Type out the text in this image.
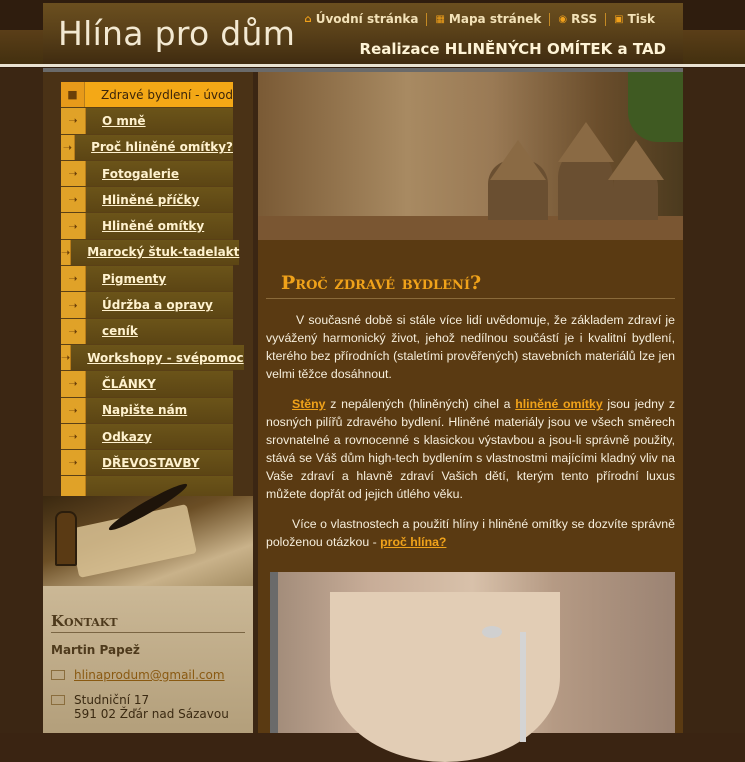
Hlína pro dům ⌂ Úvodní stránka ▦ Mapa stránek ◉ RSS ▣ Tisk
Realizace HLINĚNÝCH OMÍTEK a TAD
■	Zdravé bydlení - úvod
➝	O mně
➝	Proč hliněné omítky?
➝	Fotogalerie
➝	Hliněné příčky
➝	Hliněné omítky
➝	Marocký štuk-tadelakt
➝	Pigmenty
➝	Údržba a opravy
➝	ceník
➝	Workshopy - svépomoc
➝	ČLÁNKY
➝	Napište nám
➝	Odkazy
➝	DŘEVOSTAVBY
Kontakt
Martin Papež
hlinaprodum@gmail.com
Studniční 17
591 02 Žďár nad Sázavou
Proč zdravé bydlení?

V současné době si stále více lidí uvědomuje, že základem zdraví je vyvážený harmonický život, jehož nedílnou součástí je i kvalitní bydlení, kterého bez přírodních (staletími prověřených) stavebních materiálů lze jen velmi těžce dosáhnout.

Stěny z nepálených (hliněných) cihel a hliněné omítky jsou jedny z nosných pilířů zdravého bydlení. Hliněné materiály jsou ve všech směrech srovnatelné a rovnocenné s klasickou výstavbou a jsou-li správně použity, stává se Váš dům high-tech bydlením s vlastnostmi majícími kladný vliv na Vaše zdraví a hlavně zdraví Vašich dětí, kterým tento přírodní luxus můžete dopřát od jejich útlého věku.

Více o vlastnostech a použití hlíny i hliněné omítky se dozvíte správně položenou otázkou - proč hlína?
